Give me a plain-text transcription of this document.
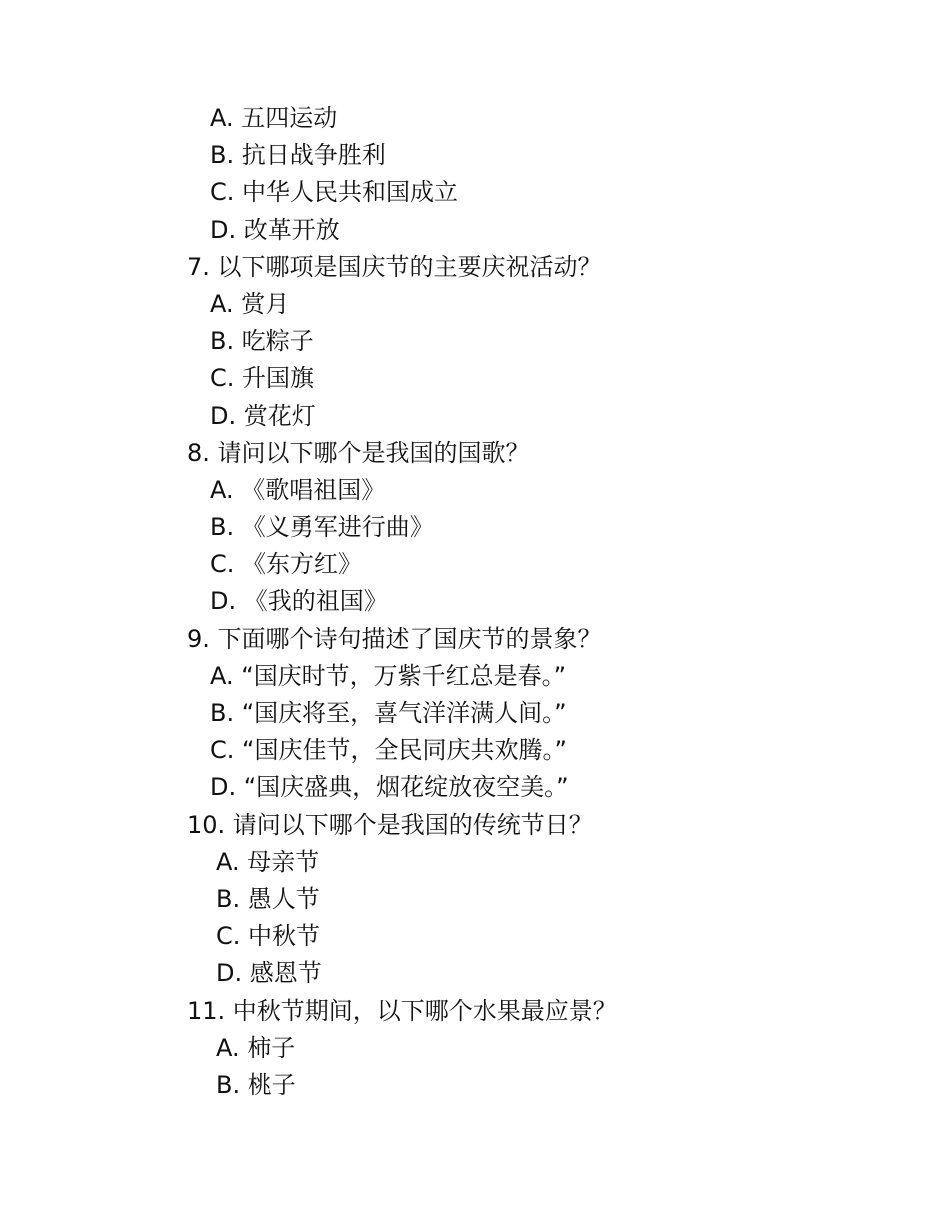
A. 五四运动
B. 抗日战争胜利
C. 中华人民共和国成立
D. 改革开放
7. 以下哪项是国庆节的主要庆祝活动？
A. 赏月
B. 吃粽子
C. 升国旗
D. 赏花灯
8. 请问以下哪个是我国的国歌？
A. 《歌唱祖国》
B. 《义勇军进行曲》
C. 《东方红》
D. 《我的祖国》
9. 下面哪个诗句描述了国庆节的景象？
A. “国庆时节，万紫千红总是春。”
B. “国庆将至，喜气洋洋满人间。”
C. “国庆佳节，全民同庆共欢腾。”
D. “国庆盛典，烟花绽放夜空美。”
10. 请问以下哪个是我国的传统节日？
A. 母亲节
B. 愚人节
C. 中秋节
D. 感恩节
11. 中秋节期间，以下哪个水果最应景？
A. 柿子
B. 桃子
